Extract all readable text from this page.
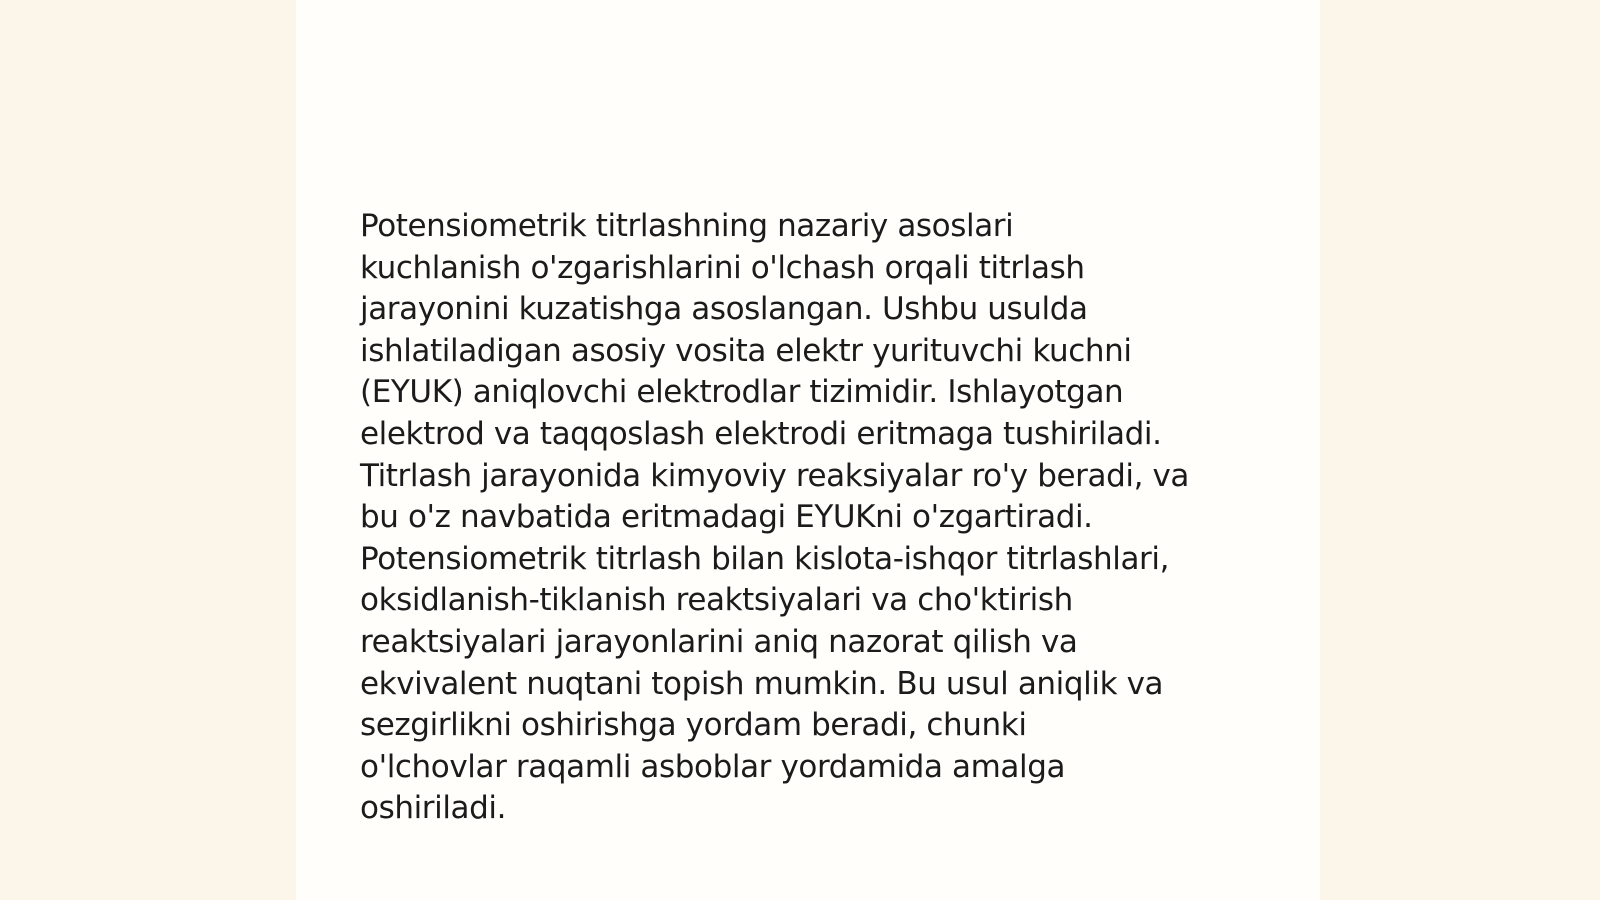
Potensiometrik titrlashning nazariy asoslari
kuchlanish o'zgarishlarini o'lchash orqali titrlash
jarayonini kuzatishga asoslangan. Ushbu usulda
ishlatiladigan asosiy vosita elektr yurituvchi kuchni
(EYUK) aniqlovchi elektrodlar tizimidir. Ishlayotgan
elektrod va taqqoslash elektrodi eritmaga tushiriladi.
Titrlash jarayonida kimyoviy reaksiyalar ro'y beradi, va
bu o'z navbatida eritmadagi EYUKni o'zgartiradi.
Potensiometrik titrlash bilan kislota-ishqor titrlashlari,
oksidlanish-tiklanish reaktsiyalari va cho'ktirish
reaktsiyalari jarayonlarini aniq nazorat qilish va
ekvivalent nuqtani topish mumkin. Bu usul aniqlik va
sezgirlikni oshirishga yordam beradi, chunki
o'lchovlar raqamli asboblar yordamida amalga
oshiriladi.
